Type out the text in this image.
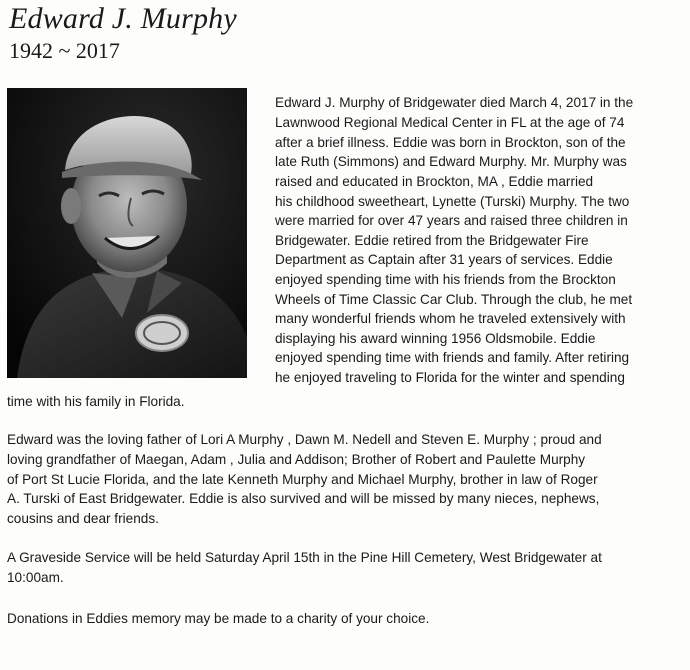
Edward J. Murphy
1942 ~ 2017
Edward J. Murphy of Bridgewater died March 4, 2017 in the
Lawnwood Regional Medical Center in FL at the age of 74
after a brief illness. Eddie was born in Brockton, son of the
late Ruth (Simmons) and Edward Murphy. Mr. Murphy was
raised and educated in Brockton, MA , Eddie married
his childhood sweetheart, Lynette (Turski) Murphy. The two
were married for over 47 years and raised three children in
Bridgewater. Eddie retired from the Bridgewater Fire
Department as Captain after 31 years of services. Eddie
enjoyed spending time with his friends from the Brockton
Wheels of Time Classic Car Club. Through the club, he met
many wonderful friends whom he traveled extensively with
displaying his award winning 1956 Oldsmobile. Eddie
enjoyed spending time with friends and family. After retiring
he enjoyed traveling to Florida for the winter and spending
time with his family in Florida.
Edward was the loving father of Lori A Murphy , Dawn M. Nedell and Steven E. Murphy ; proud and
loving grandfather of Maegan, Adam , Julia and Addison; Brother of Robert and Paulette Murphy
of Port St Lucie Florida, and the late Kenneth Murphy and Michael Murphy, brother in law of Roger
A. Turski of East Bridgewater. Eddie is also survived and will be missed by many nieces, nephews,
cousins and dear friends.
A Graveside Service will be held Saturday April 15th in the Pine Hill Cemetery, West Bridgewater at
10:00am.
Donations in Eddies memory may be made to a charity of your choice.
